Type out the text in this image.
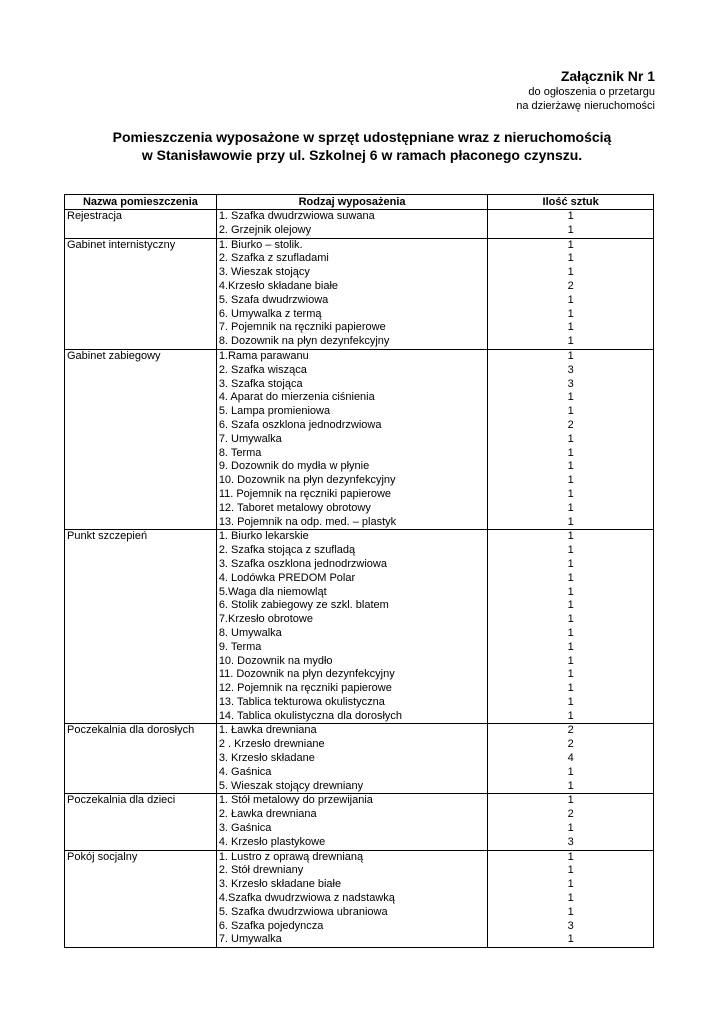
Załącznik Nr 1
do ogłoszenia o przetargu
na dzierżawę nieruchomości
Pomieszczenia wyposażone w sprzęt udostępniane wraz z nieruchomością
w Stanisławowie przy ul. Szkolnej 6 w ramach płaconego czynszu.
Nazwa pomieszczenia	Rodzaj wyposażenia	Ilość sztuk
Rejestracja	1. Szafka dwudrzwiowa suwana	1
	2. Grzejnik olejowy	1
Gabinet internistyczny	1. Biurko – stolik.	1
	2. Szafka z szufladami	1
	3. Wieszak stojący	1
	4.Krzesło składane białe	2
	5. Szafa dwudrzwiowa	1
	6. Umywalka z termą	1
	7. Pojemnik na ręczniki papierowe	1
	8. Dozownik na płyn dezynfekcyjny	1
Gabinet zabiegowy	1.Rama parawanu	1
	2. Szafka wisząca	3
	3. Szafka stojąca	3
	4. Aparat do mierzenia ciśnienia	1
	5. Lampa promieniowa	1
	6. Szafa oszklona jednodrzwiowa	2
	7. Umywalka	1
	8. Terma	1
	9. Dozownik do mydła w płynie	1
	10. Dozownik na płyn dezynfekcyjny	1
	11. Pojemnik na ręczniki papierowe	1
	12. Taboret metalowy obrotowy	1
	13. Pojemnik na odp. med. – plastyk	1
Punkt szczepień	1. Biurko lekarskie	1
	2. Szafka stojąca z szufladą	1
	3. Szafka oszklona jednodrzwiowa	1
	4. Lodówka PREDOM Polar	1
	5.Waga dla niemowląt	1
	6. Stolik zabiegowy ze szkl. blatem	1
	7.Krzesło obrotowe	1
	8. Umywalka	1
	9. Terma	1
	10. Dozownik na mydło	1
	11. Dozownik na płyn dezynfekcyjny	1
	12. Pojemnik na ręczniki papierowe	1
	13. Tablica tekturowa okulistyczna	1
	14. Tablica okulistyczna dla dorosłych	1
Poczekalnia dla dorosłych	1. Ławka drewniana	2
	2 . Krzesło drewniane	2
	3. Krzesło składane	4
	4. Gaśnica	1
	5. Wieszak stojący drewniany	1
Poczekalnia dla dzieci	1. Stół metalowy do przewijania	1
	2. Ławka drewniana	2
	3. Gaśnica	1
	4. Krzesło plastykowe	3
Pokój socjalny	1. Lustro z oprawą drewnianą	1
	2. Stół drewniany	1
	3. Krzesło składane białe	1
	4.Szafka dwudrzwiowa z nadstawką	1
	5. Szafka dwudrzwiowa ubraniowa	1
	6. Szafka pojedyncza	3
	7. Umywalka	1
